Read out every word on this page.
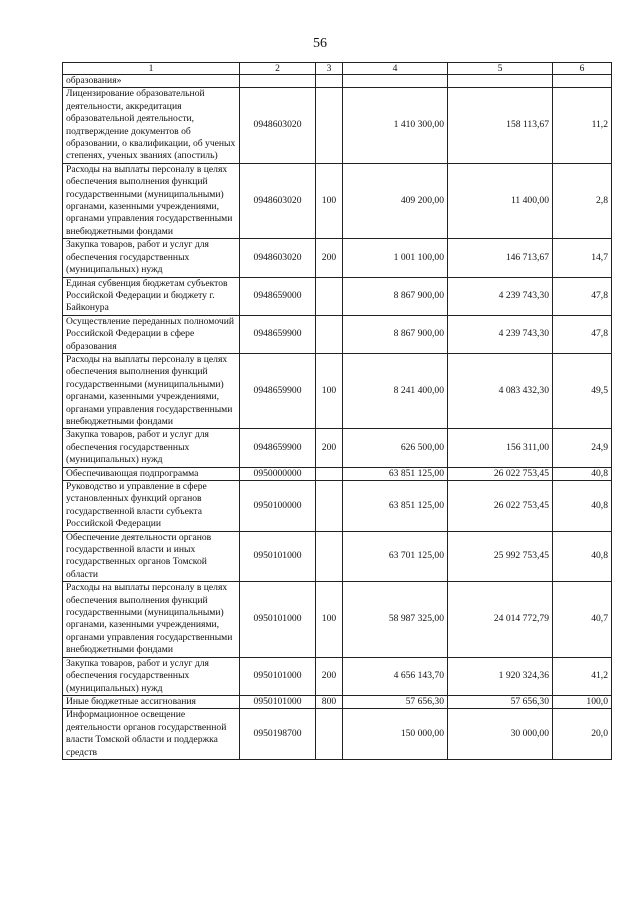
56
1	2	3	4	5	6
образования»					
Лицензирование образовательной деятельности, аккредитация образовательной деятельности, подтверждение документов об образовании, о квалификации, об ученых степенях, ученых званиях (апостиль)	0948603020		1 410 300,00	158 113,67	11,2
Расходы на выплаты персоналу в целях обеспечения выполнения функций государственными (муниципальными) органами, казенными учреждениями, органами управления государственными внебюджетными фондами	0948603020	100	409 200,00	11 400,00	2,8
Закупка товаров, работ и услуг для обеспечения государственных (муниципальных) нужд	0948603020	200	1 001 100,00	146 713,67	14,7
Единая субвенция бюджетам субъектов Российской Федерации и бюджету г. Байконура	0948659000		8 867 900,00	4 239 743,30	47,8
Осуществление переданных полномочий Российской Федерации в сфере образования	0948659900		8 867 900,00	4 239 743,30	47,8
Расходы на выплаты персоналу в целях обеспечения выполнения функций государственными (муниципальными) органами, казенными учреждениями, органами управления государственными внебюджетными фондами	0948659900	100	8 241 400,00	4 083 432,30	49,5
Закупка товаров, работ и услуг для обеспечения государственных (муниципальных) нужд	0948659900	200	626 500,00	156 311,00	24,9
Обеспечивающая подпрограмма	0950000000		63 851 125,00	26 022 753,45	40,8
Руководство и управление в сфере установленных функций органов государственной власти субъекта Российской Федерации	0950100000		63 851 125,00	26 022 753,45	40,8
Обеспечение деятельности органов государственной власти и иных государственных органов Томской области	0950101000		63 701 125,00	25 992 753,45	40,8
Расходы на выплаты персоналу в целях обеспечения выполнения функций государственными (муниципальными) органами, казенными учреждениями, органами управления государственными внебюджетными фондами	0950101000	100	58 987 325,00	24 014 772,79	40,7
Закупка товаров, работ и услуг для обеспечения государственных (муниципальных) нужд	0950101000	200	4 656 143,70	1 920 324,36	41,2
Иные бюджетные ассигнования	0950101000	800	57 656,30	57 656,30	100,0
Информационное освещение деятельности органов государственной власти Томской области и поддержка средств	0950198700		150 000,00	30 000,00	20,0
